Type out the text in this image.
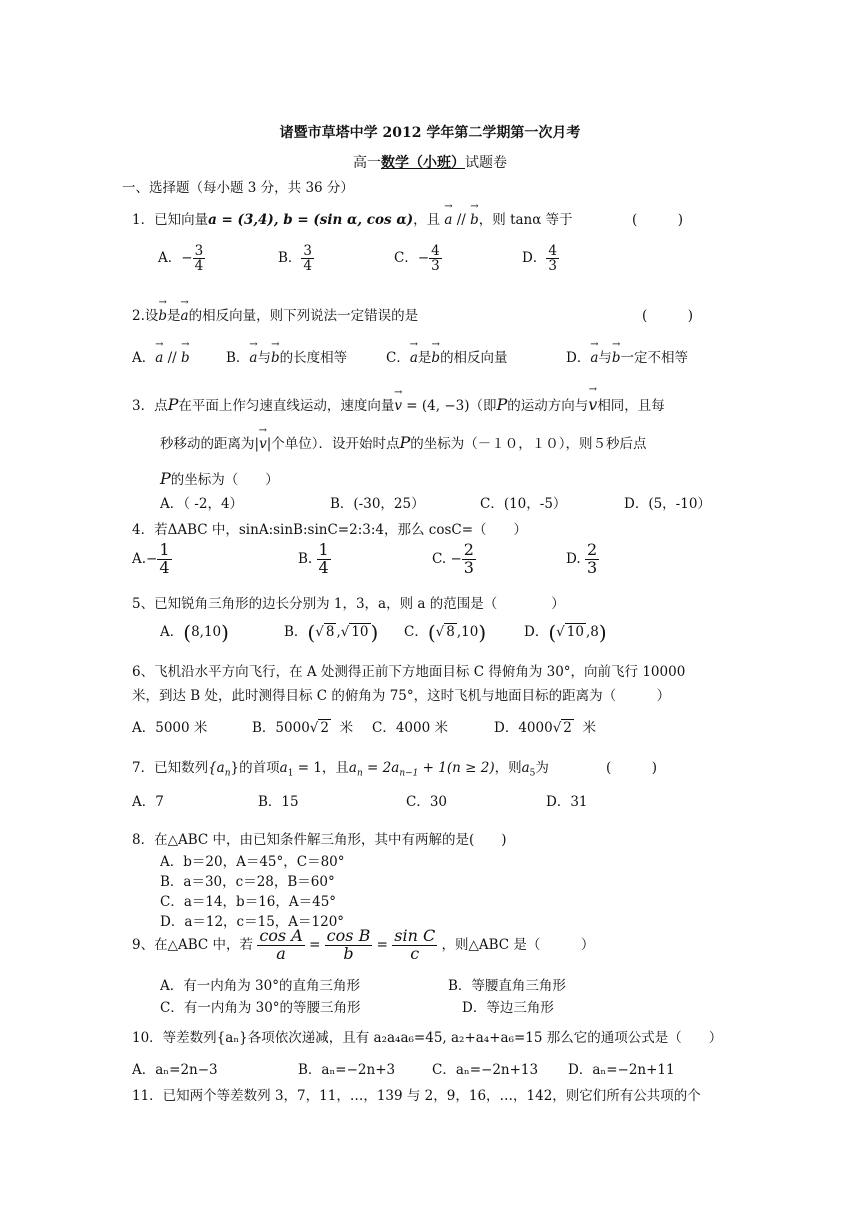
诸暨市草塔中学 2012 学年第二学期第一次月考
高一数学（小班）试题卷
一、选择题（每小题 3 分，共 36 分）
1．已知向量a = (3,4), b = (sin α, cos α)，且 → a // → b，则 tanα 等于	(　　　)
A．− $\frac{3}{4}$	B． $\frac{3}{4}$	C．− $\frac{4}{3}$	D． $\frac{4}{3}$
2.设→ b是→ a的相反向量，则下列说法一定错误的是	(　　　)
A．→ a // → b	B．→ a与→ b的长度相等	C．→ a是→ b的相反向量	D．→ a与→ b一定不相等
3．点P在平面上作匀速直线运动，速度向量→ v = (4, −3)（即P的运动方向与→ v相同，且每
秒移动的距离为|→ v|个单位）．设开始时点P的坐标为（－１０，１０），则５秒后点
P的坐标为（　　）
A．（ -2，4）	B．(-30，25）	C．(10，-5）	D．(5，-10）
4．若ΔABC 中，sinA:sinB:sinC=2:3:4，那么 cosC=（　　）
$A.- \frac{1}{4}$	B. $\frac{1}{4}$	C. − $\frac{2}{3}$	D. $\frac{2}{3}$
5、已知锐角三角形的边长分别为 1，3，a，则 a 的范围是（　　　　）
A．(8,10)	B．(√ 8 ,√ 10 ) C．(√ 8 ,10)	D．(√ 10 ,8)
6、飞机沿水平方向飞行，在 A 处测得正前下方地面目标 C 得俯角为 30°，向前飞行 10000
米，到达 B 处，此时测得目标 C 的俯角为 75°，这时飞机与地面目标的距离为（　　　）
A．5000 米	B．5000√ 2 米 C．4000 米	D．4000√ 2 米
7．已知数列$\{a_n\}$的首项$a_1 = 1$，且$a_n = 2a_{n-1} + 1(n \ge 2)$，则$a_5$为	(　　　)
A．7	B．15	C．30	D．31
8．在△ABC 中，由已知条件解三角形，其中有两解的是(　　)
A．b＝20，A＝45°，C＝80°
B．a＝30，c＝28，B＝60°
C．a＝14，b＝16，A＝45°
D．a＝12，c＝15，A＝120°
9、在△ABC 中，若 $\frac{\text{cos A}}{a} = \frac{\text{cos B}}{b} = \frac{\text{sin C}}{c}$ ，则△ABC 是（　　　）
A．有一内角为 30°的直角三角形	B．等腰直角三角形
C．有一内角为 30°的等腰三角形	D．等边三角形
10．等差数列{aₙ}各项依次递减，且有 a₂a₄a₆=45, a₂+a₄+a₆=15 那么它的通项公式是（　　）
A．aₙ=2n−3	B．aₙ=−2n+3	C．aₙ=−2n+13 D．aₙ=−2n+11
11．已知两个等差数列 3，7，11，…，139 与 2，9，16，…，142，则它们所有公共项的个
